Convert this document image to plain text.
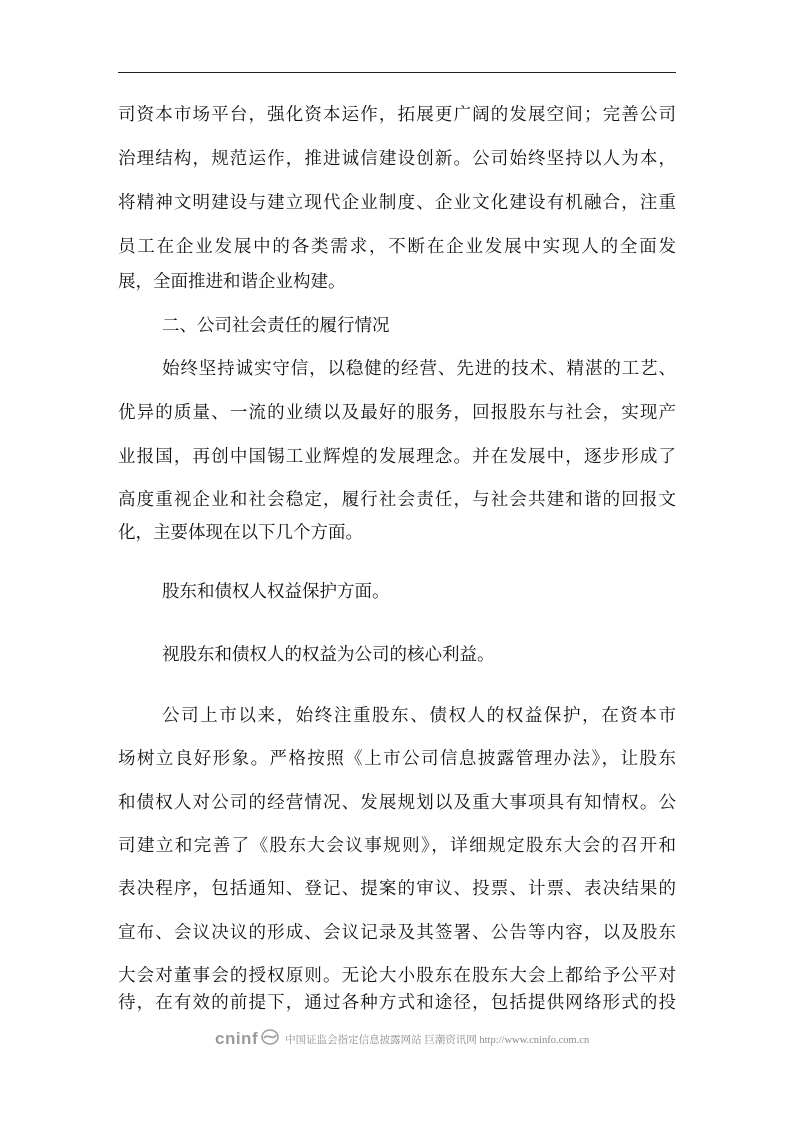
司资本市场平台，强化资本运作，拓展更广阔的发展空间；完善公司
治理结构，规范运作，推进诚信建设创新。公司始终坚持以人为本，
将精神文明建设与建立现代企业制度、企业文化建设有机融合，注重
员工在企业发展中的各类需求，不断在企业发展中实现人的全面发
展，全面推进和谐企业构建。
二、公司社会责任的履行情况
始终坚持诚实守信，以稳健的经营、先进的技术、精湛的工艺、
优异的质量、一流的业绩以及最好的服务，回报股东与社会，实现产
业报国，再创中国锡工业辉煌的发展理念。并在发展中，逐步形成了
高度重视企业和社会稳定，履行社会责任，与社会共建和谐的回报文
化，主要体现在以下几个方面。
股东和债权人权益保护方面。
视股东和债权人的权益为公司的核心利益。
公司上市以来，始终注重股东、债权人的权益保护，在资本市
场树立良好形象。严格按照《上市公司信息披露管理办法》，让股东
和债权人对公司的经营情况、发展规划以及重大事项具有知情权。公
司建立和完善了《股东大会议事规则》，详细规定股东大会的召开和
表决程序，包括通知、登记、提案的审议、投票、计票、表决结果的
宣布、会议决议的形成、会议记录及其签署、公告等内容，以及股东
大会对董事会的授权原则。无论大小股东在股东大会上都给予公平对
待，在有效的前提下，通过各种方式和途径，包括提供网络形式的投
cninf	中国证监会指定信息披露网站 巨潮资讯网 http://www.cninfo.com.cn
